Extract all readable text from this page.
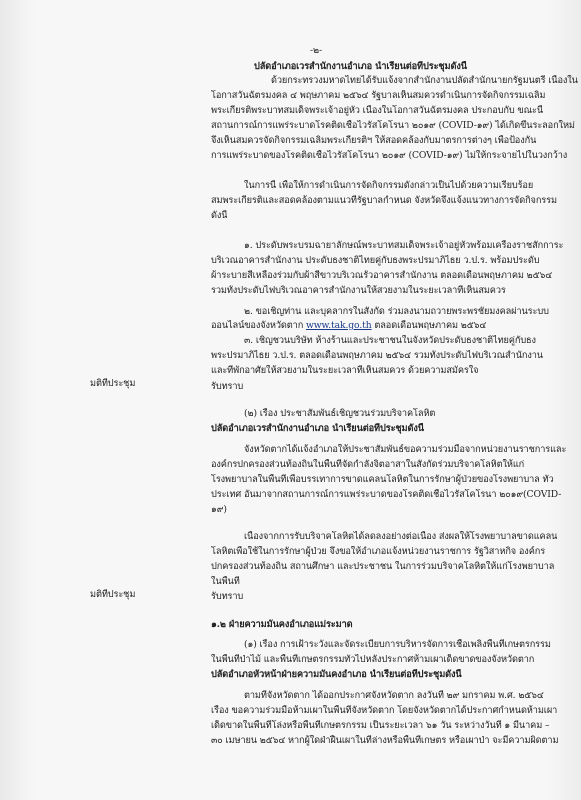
-๒-
ปลัดอำเภอเวรสำนักงานอำเภอ นำเรียนต่อที่ประชุมดังนี้
ด้วยกระทรวงมหาดไทยได้รับแจ้งจากสำนักงานปลัดสำนักนายกรัฐมนตรี เนื่องใน
โอกาสวันฉัตรมงคล ๔ พฤษภาคม ๒๕๖๔ รัฐบาลเห็นสมควรดำเนินการจัดกิจกรรมเฉลิม
พระเกียรติพระบาทสมเด็จพระเจ้าอยู่หัว เนื่องในโอกาสวันฉัตรมงคล ประกอบกับ ขณะนี้
สถานการณ์การแพร่ระบาดโรคติดเชื้อไวรัสโคโรนา ๒๐๑๙ (COVID-๑๙) ได้เกิดขึ้นระลอกใหม่
จึงเห็นสมควรจัดกิจกรรมเฉลิมพระเกียรติฯ ให้สอดคล้องกับมาตรการต่างๆ เพื่อป้องกัน
การแพร่ระบาดของโรคติดเชื้อไวรัสโคโรนา ๒๐๑๙ (COVID-๑๙) ไม่ให้กระจายไปในวงกว้าง
ในการนี้ เพื่อให้การดำเนินการจัดกิจกรรมดังกล่าวเป็นไปด้วยความเรียบร้อย
สมพระเกียรติและสอดคล้องตามแนวที่รัฐบาลกำหนด จังหวัดจึงแจ้งแนวทางการจัดกิจกรรม
ดังนี้
๑. ประดับพระบรมฉายาลักษณ์พระบาทสมเด็จพระเจ้าอยู่หัวพร้อมเครื่องราชสักการะ
บริเวณอาคารสำนักงาน ประดับธงชาติไทยคู่กับธงพระปรมาภิไธย ว.ป.ร. พร้อมประดับ
ผ้าระบายสีเหลืองร่วมกับผ้าสีขาวบริเวณรั้วอาคารสำนักงาน ตลอดเดือนพฤษภาคม ๒๕๖๔
รวมทั้งประดับไฟบริเวณอาคารสำนักงานให้สวยงามในระยะเวลาที่เห็นสมควร
๒. ขอเชิญท่าน และบุคลากรในสังกัด ร่วมลงนามถวายพระพรชัยมงคลผ่านระบบ
ออนไลน์ของจังหวัดตาก www.tak.go.th ตลอดเดือนพฤษภาคม ๒๕๖๔
๓. เชิญชวนบริษัท ห้างร้านและประชาชนในจังหวัดประดับธงชาติไทยคู่กับธง
พระปรมาภิไธย ว.ป.ร. ตลอดเดือนพฤษภาคม ๒๕๖๔ รวมทั้งประดับไฟบริเวณสำนักงาน
และที่พักอาศัยให้สวยงามในระยะเวลาที่เห็นสมควร ด้วยความสมัครใจ
มติที่ประชุม	รับทราบ
(๒) เรื่อง ประชาสัมพันธ์เชิญชวนร่วมบริจาคโลหิต
ปลัดอำเภอเวรสำนักงานอำเภอ นำเรียนต่อที่ประชุมดังนี้
จังหวัดตากได้แจ้งอำเภอให้ประชาสัมพันธ์ขอความร่วมมือจากหน่วยงานราชการและ
องค์กรปกครองส่วนท้องถิ่นในพื้นที่จัดกำลังจิตอาสาในสังกัดร่วมบริจาคโลหิตให้แก่
โรงพยาบาลในพื้นที่เพื่อบรรเทาการขาดแคลนโลหิตในการรักษาผู้ป่วยของโรงพยาบาล ทั่ว
ประเทศ อันมาจากสถานการณ์การแพร่ระบาดของโรคติดเชื้อไวรัสโคโรนา ๒๐๑๙(COVID-
๑๙)
เนื่องจากการรับบริจาคโลหิตได้ลดลงอย่างต่อเนื่อง ส่งผลให้โรงพยาบาลขาดแคลน
โลหิตเพื่อใช้ในการรักษาผู้ป่วย จึงขอให้อำเภอแจ้งหน่วยงานราชการ รัฐวิสาหกิจ องค์กร
ปกครองส่วนท้องถิ่น สถานศึกษา และประชาชน ในการร่วมบริจาคโลหิตให้แก่โรงพยาบาล
ในพื้นที่
มติที่ประชุม	รับทราบ
๑.๒ ฝ่ายความมั่นคงอำเภอแม่ระมาด
(๑) เรื่อง การเฝ้าระวังและจัดระเบียบการบริหารจัดการเชื้อเพลิงพื้นที่เกษตรกรรม
ในพื้นที่ป่าไม้ และพื้นที่เกษตรกรรมทั่วไปหลังประกาศห้ามเผาเด็ดขาดของจังหวัดตาก
ปลัดอำเภอหัวหน้าฝ่ายความมั่นคงอำเภอ นำเรียนต่อที่ประชุมดังนี้
ตามที่จังหวัดตาก ได้ออกประกาศจังหวัดตาก ลงวันที่ ๒๙ มกราคม พ.ศ. ๒๕๖๔
เรื่อง ขอความร่วมมือห้ามเผาในพื้นที่จังหวัดตาก โดยจังหวัดตากได้ประกาศกำหนดห้ามเผา
เด็ดขาดในพื้นที่โล่งหรือพื้นที่เกษตรกรรม เป็นระยะเวลา ๖๑ วัน ระหว่างวันที่ ๑ มีนาคม –
๓๐ เมษายน ๒๕๖๔ หากผู้ใดฝ่าฝืนเผาในที่ล่างหรือพื้นที่เกษตร หรือเผาป่า จะมีความผิดตาม
